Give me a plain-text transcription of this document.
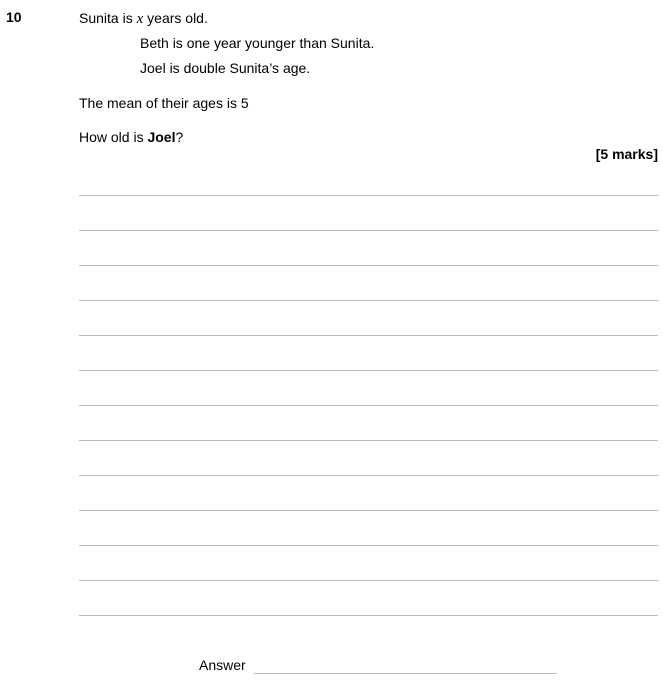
10	Sunita is x years old.
Beth is one year younger than Sunita.
Joel is double Sunita’s age.
The mean of their ages is 5
How old is Joel?
[5 marks]
Answer
